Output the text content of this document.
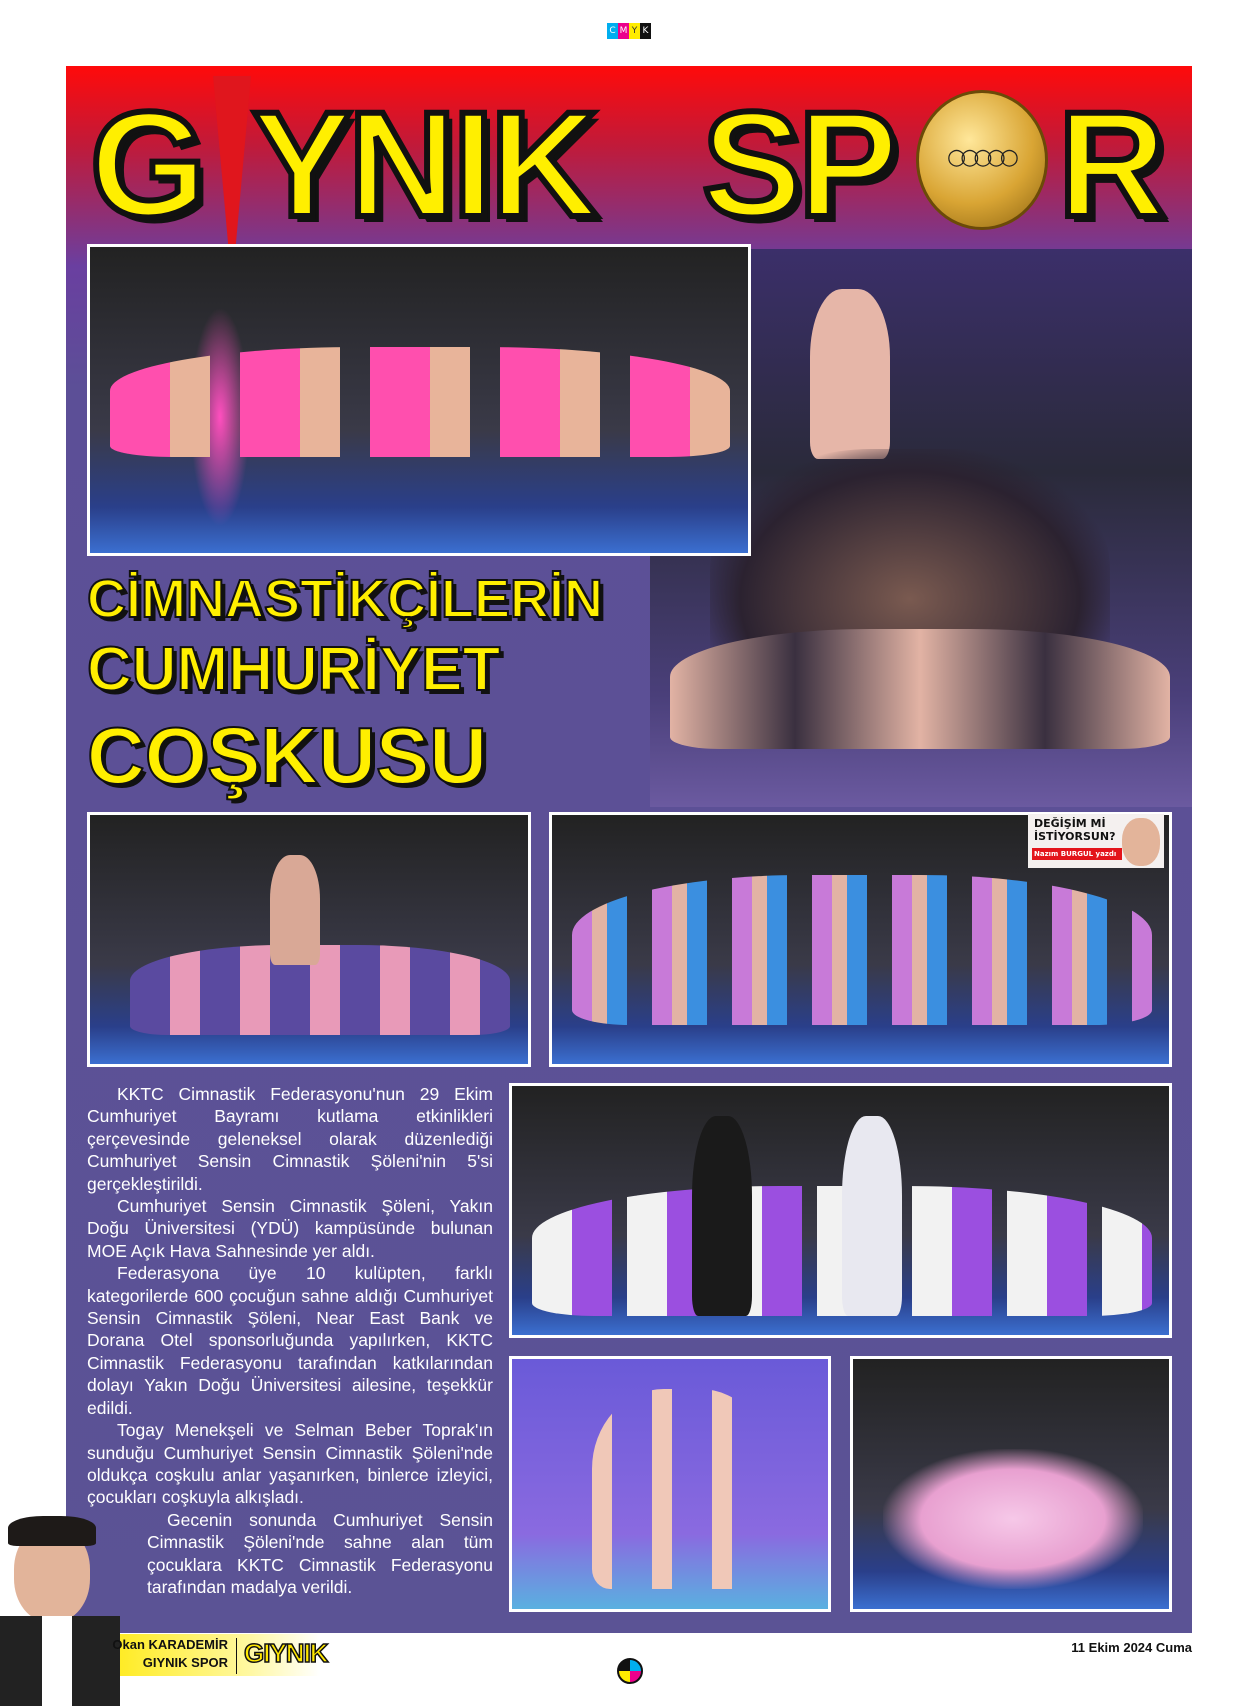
C M Y K
G YNIK SP R
○○○○○
CİMNASTİKÇİLERİN
CUMHURİYET
COŞKUSU
DEĞİŞİM Mİ
İSTİYORSUN?
Nazım BURGUL yazdı

KKTC Cimnastik Federasyonu'nun 29 Ekim Cumhuriyet Bayramı kutlama etkinlikleri çerçevesinde geleneksel olarak düzenlediği Cumhuriyet Sensin Cimnastik Şöleni'nin 5'si gerçekleştirildi.

Cumhuriyet Sensin Cimnastik Şöleni, Yakın Doğu Üniversitesi (YDÜ) kampüsünde bulunan MOE Açık Hava Sahnesinde yer aldı.

Federasyona üye 10 kulüpten, farklı kategorilerde 600 çocuğun sahne aldığı Cumhuriyet Sensin Cimnastik Şöleni, Near East Bank ve Dorana Otel sponsorluğunda yapılırken, KKTC Cimnastik Federasyonu tarafından katkılarından dolayı Yakın Doğu Üniversitesi ailesine, teşekkür edildi.

Togay Menekşeli ve Selman Beber Toprak'ın sunduğu Cumhuriyet Sensin Cimnastik Şöleni'nde oldukça coşkulu anlar yaşanırken, binlerce izleyici, çocukları coşkuyla alkışladı.

Gecenin sonunda Cumhuriyet Sensin Cimnastik Şöleni'nde sahne alan tüm çocuklara KKTC Cimnastik Federasyonu tarafından madalya verildi.

Okan KARADEMİR
GIYNIK SPOR GIYNIK	11 Ekim 2024 Cuma
